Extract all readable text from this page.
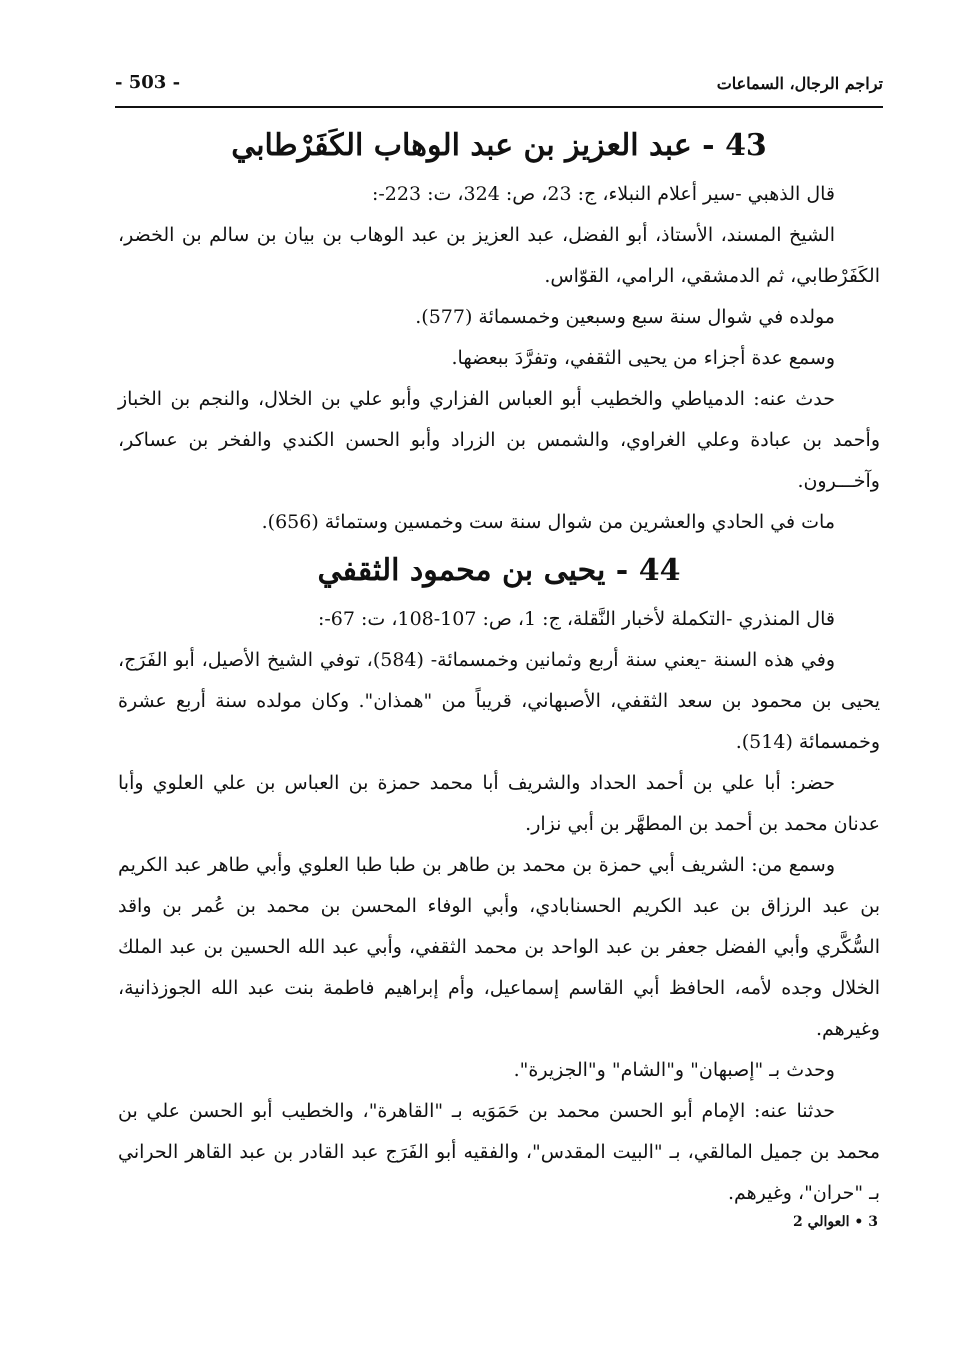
تراجم الرجال، السماعات
- 503 -
43 - عبد العزيز بن عبد الوهاب الكَفَرْطابي

قال الذهبي -سير أعلام النبلاء، ج: 23، ص: 324، ت: 223-:

الشيخ المسند، الأستاذ، أبو الفضل، عبد العزيز بن عبد الوهاب بن بيان بن سالم بن الخضر، الكَفَرْطابي، ثم الدمشقي، الرامي، القوّاس.

مولده في شوال سنة سبع وسبعين وخمسمائة (577).

وسمع عدة أجزاء من يحيى الثقفي، وتفرَّدَ ببعضها.

حدث عنه: الدمياطي والخطيب أبو العباس الفزاري وأبو علي بن الخلال، والنجم بن الخباز وأحمد بن عبادة وعلي الغراوي، والشمس بن الزراد وأبو الحسن الكندي والفخر بن عساكر، وآخـــرون.

مات في الحادي والعشرين من شوال سنة ست وخمسين وستمائة (656).

44 - يحيى بن محمود الثقفي

قال المنذري -التكملة لأخبار النَّقلة، ج: 1، ص: 107-108، ت: 67-:

وفي هذه السنة -يعني سنة أربع وثمانين وخمسمائة- (584)، توفي الشيخ الأصيل، أبو الفَرَج، يحيى بن محمود بن سعد الثقفي، الأصبهاني، قريباً من "همذان". وكان مولده سنة أربع عشرة وخمسمائة (514).

حضر: أبا علي بن أحمد الحداد والشريف أبا محمد حمزة بن العباس بن علي العلوي وأبا عدنان محمد بن أحمد بن المطهَّر بن أبي نزار.

وسمع من: الشريف أبي حمزة بن محمد بن طاهر بن طبا طبا العلوي وأبي طاهر عبد الكريم بن عبد الرزاق بن عبد الكريم الحسنابادي، وأبي الوفاء المحسن بن محمد بن عُمر بن واقد السُّكَّري وأبي الفضل جعفر بن عبد الواحد بن محمد الثقفي، وأبي عبد الله الحسين بن عبد الملك الخلال وجده لأمه، الحافظ أبي القاسم إسماعيل، وأم إبراهيم فاطمة بنت عبد الله الجوزذانية، وغيرهم.

وحدث بـ "إصبهان" و"الشام" و"الجزيرة".

حدثنا عنه: الإمام أبو الحسن محمد بن حَمَوَيه بـ "القاهرة"، والخطيب أبو الحسن علي بن محمد بن جميل المالقي، بـ "البيت المقدس"، والفقيه أبو الفَرَج عبد القادر بن عبد القاهر الحراني بـ "حران"، وغيرهم.

3 • العوالي 2
